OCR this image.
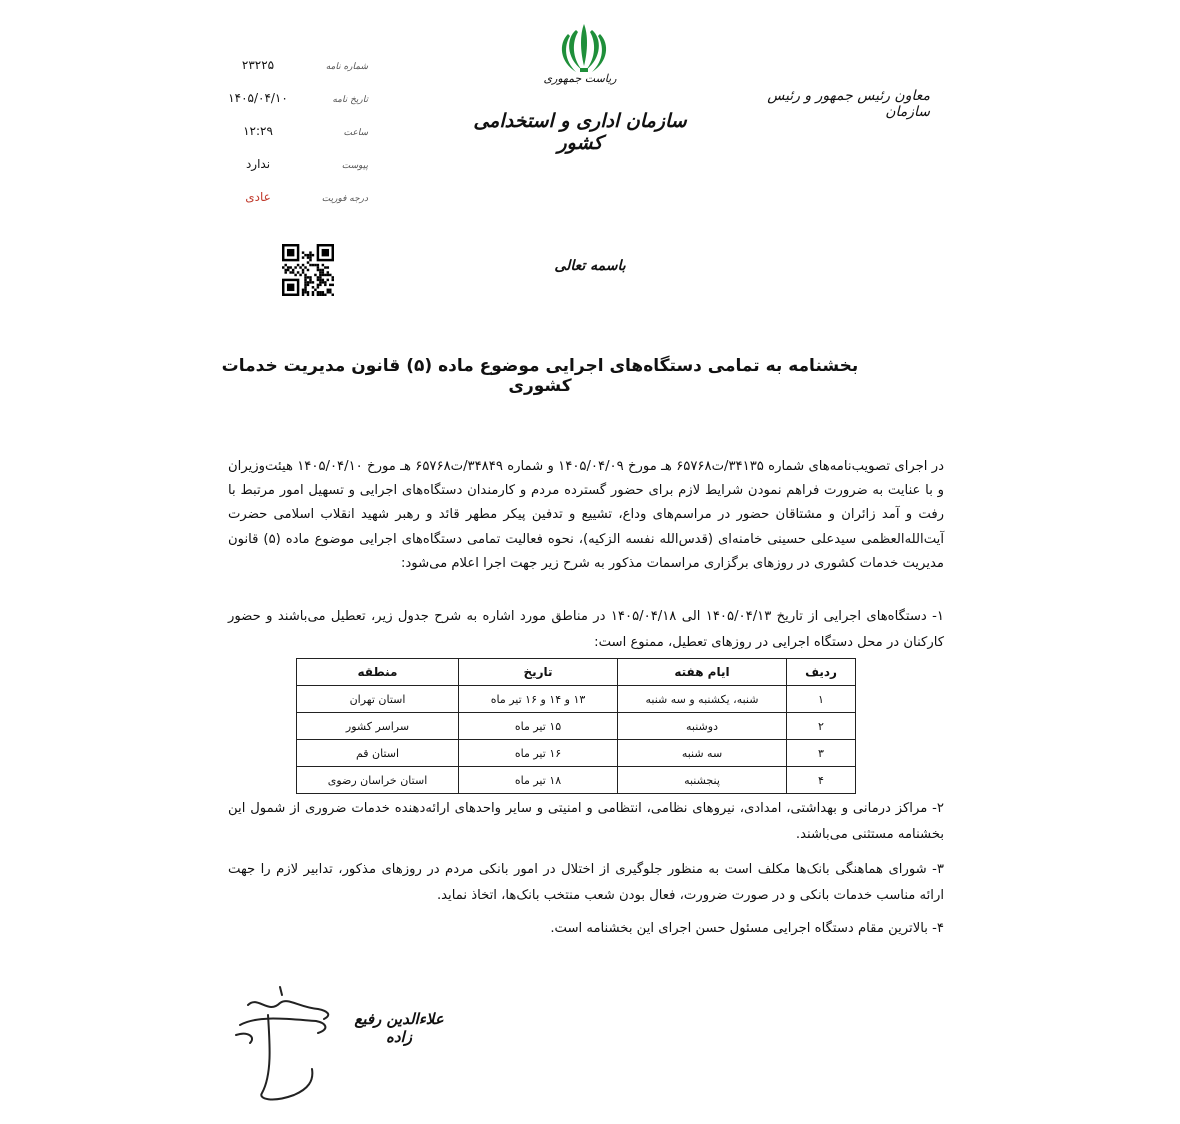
ریاست جمهوری
سازمان اداری و استخدامی کشور
معاون رئیس جمهور و رئیس سازمان
شماره نامه
۲۳۲۲۵
تاریخ نامه
۱۴۰۵/۰۴/۱۰
ساعت
۱۲:۲۹
پیوست
ندارد
درجه فوریت
عادی
باسمه تعالی
بخشنامه به تمامی دستگاه‌های اجرایی موضوع ماده (۵) قانون مدیریت خدمات کشوری
در اجرای تصویب‌نامه‌های شماره ۳۴۱۳۵/ت۶۵۷۶۸ هـ مورخ ۱۴۰۵/۰۴/۰۹ و شماره ۳۴۸۴۹/ت۶۵۷۶۸ هـ مورخ ۱۴۰۵/۰۴/۱۰ هیئت‌وزیران و با عنایت به ضرورت فراهم نمودن شرایط لازم برای حضور گسترده مردم و کارمندان دستگاه‌های اجرایی و تسهیل امور مرتبط با رفت و آمد زائران و مشتاقان حضور در مراسم‌های وداع، تشییع و تدفین پیکر مطهر قائد و رهبر شهید انقلاب اسلامی حضرت آیت‌الله‌العظمی سیدعلی حسینی خامنه‌ای (قدس‌الله نفسه الزکیه)، نحوه فعالیت تمامی دستگاه‌های اجرایی موضوع ماده (۵) قانون مدیریت خدمات کشوری در روزهای برگزاری مراسمات مذکور به شرح زیر جهت اجرا اعلام می‌شود:
۱- دستگاه‌های اجرایی از تاریخ ۱۴۰۵/۰۴/۱۳ الی ۱۴۰۵/۰۴/۱۸ در مناطق مورد اشاره به شرح جدول زیر، تعطیل می‌باشند و حضور کارکنان در محل دستگاه اجرایی در روزهای تعطیل، ممنوع است:
ردیف	ایام هفته	تاریخ	منطقه
۱	شنبه، یکشنبه و سه شنبه	۱۳ و ۱۴ و ۱۶ تیر ماه	استان تهران
۲	دوشنبه	۱۵ تیر ماه	سراسر کشور
۳	سه شنبه	۱۶ تیر ماه	استان قم
۴	پنجشنبه	۱۸ تیر ماه	استان خراسان رضوی
۲- مراکز درمانی و بهداشتی، امدادی، نیروهای نظامی، انتظامی و امنیتی و سایر واحدهای ارائه‌دهنده خدمات ضروری از شمول این بخشنامه مستثنی می‌باشند.
۳- شورای هماهنگی بانک‌ها مکلف است به منظور جلوگیری از اختلال در امور بانکی مردم در روزهای مذکور، تدابیر لازم را جهت ارائه مناسب خدمات بانکی و در صورت ضرورت، فعال بودن شعب منتخب بانک‌ها، اتخاذ نماید.
۴- بالاترین مقام دستگاه اجرایی مسئول حسن اجرای این بخشنامه است.
علاءالدین رفیع زاده
